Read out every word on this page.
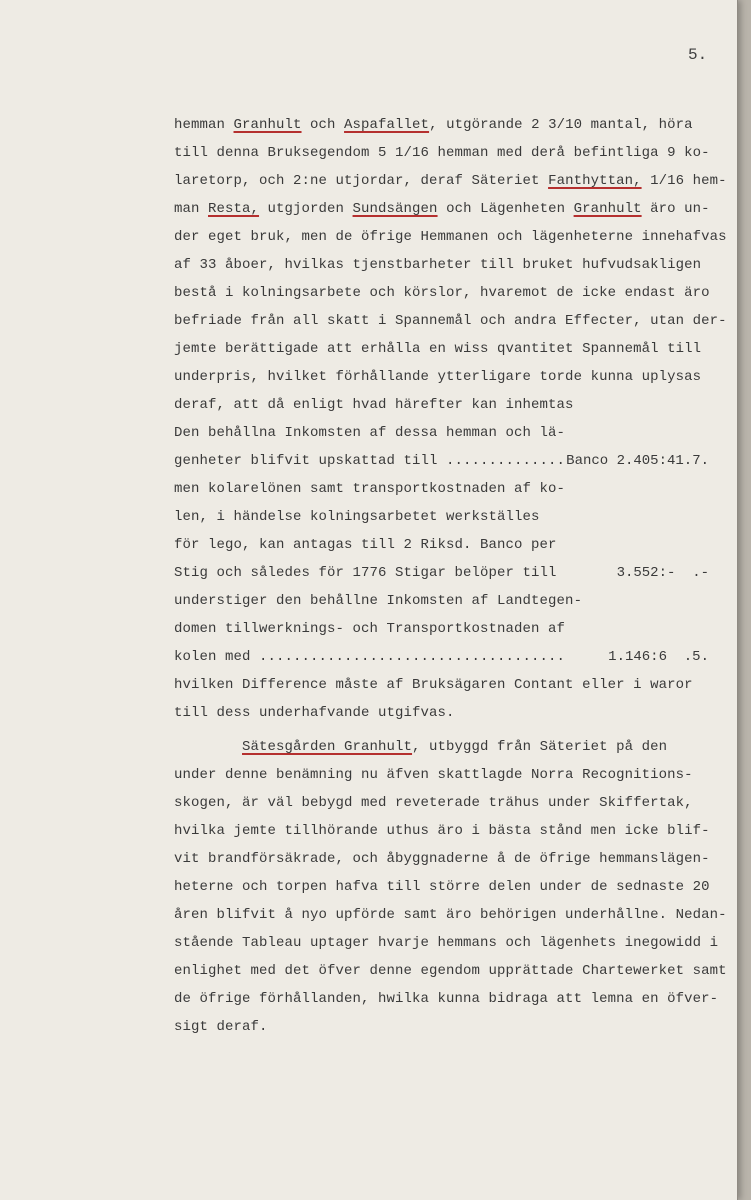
5.
hemman Granhult och Aspafallet, utgörande 2 3/10 mantal, höra
till denna Bruksegendom 5 1/16 hemman med derå befintliga 9 ko-
laretorp, och 2:ne utjordar, deraf Säteriet Fanthyttan, 1/16 hem-
man Resta, utgjorden Sundsängen och Lägenheten Granhult äro un-
der eget bruk, men de öfrige Hemmanen och lägenheterne innehafvas
af 33 åboer, hvilkas tjenstbarheter till bruket hufvudsakligen
bestå i kolningsarbete och körslor, hvaremot de icke endast äro
befriade från all skatt i Spannemål och andra Effecter, utan der-
jemte berättigade att erhålla en wiss qvantitet Spannemål till
underpris, hvilket förhållande ytterligare torde kunna uplysas
deraf, att då enligt hvad härefter kan inhemtas
Den behållna Inkomsten af dessa hemman och lä-
genheter blifvit upskattad till .............. Banco 2.405:41.7.
men kolarelönen samt transportkostnaden af ko-
len, i händelse kolningsarbetet werkställes
för lego, kan antagas till 2 Riksd. Banco per
Stig och således för 1776 Stigar belöper till	3.552:-  .-
understiger den behållne Inkomsten af Landtegen-
domen tillwerknings- och Transportkostnaden af
kolen med ....................................	1.146:6  .5.
hvilken Difference måste af Bruksägaren Contant eller i waror
till dess underhafvande utgifvas.
Sätesgården Granhult, utbyggd från Säteriet på den
under denne benämning nu äfven skattlagde Norra Recognitions-
skogen, är väl bebygd med reveterade trähus under Skiffertak,
hvilka jemte tillhörande uthus äro i bästa stånd men icke blif-
vit brandförsäkrade, och åbyggnaderne å de öfrige hemmanslägen-
heterne och torpen hafva till större delen under de sednaste 20
åren blifvit å nyo upförde samt äro behörigen underhållne. Nedan-
stående Tableau uptager hvarje hemmans och lägenhets inegowidd i
enlighet med det öfver denne egendom upprättade Chartewerket samt
de öfrige förhållanden, hwilka kunna bidraga att lemna en öfver-
sigt deraf.
